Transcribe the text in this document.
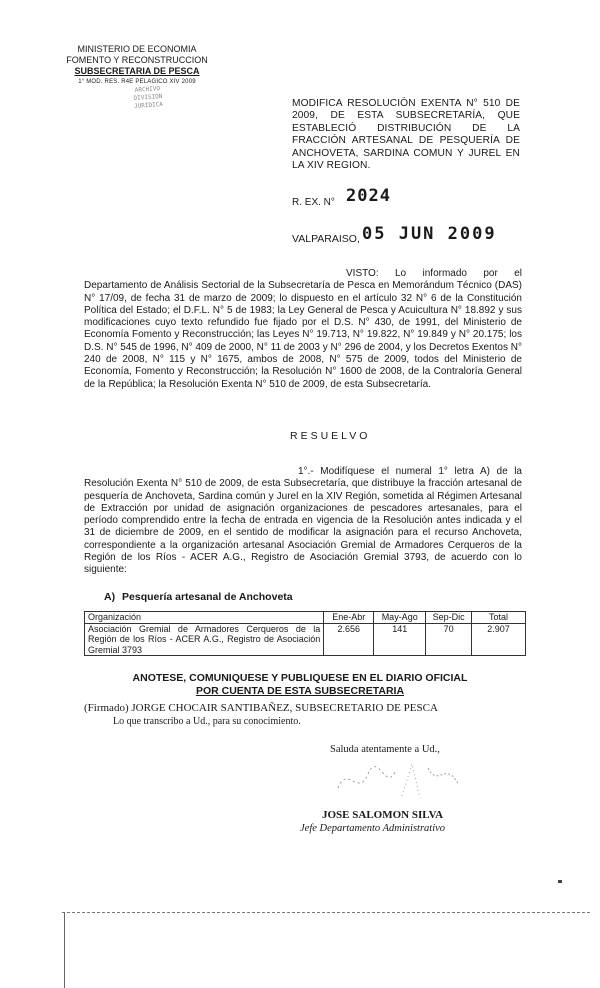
MINISTERIO DE ECONOMIA
FOMENTO Y RECONSTRUCCION
SUBSECRETARIA DE PESCA
1° MOD. RES. R4E PELAGICO XIV 2009
ARCHIVO
DIVISION
JURIDICA	MODIFICA RESOLUCIÓN EXENTA N° 510 DE 2009, DE ESTA SUBSECRETARÍA, QUE ESTABLECIÓ DISTRIBUCIÓN DE LA FRACCIÓN ARTESANAL DE PESQUERÍA DE ANCHOVETA, SARDINA COMUN Y JUREL EN LA XIV REGION.
R. EX. N° 2024
VALPARAISO, 05 JUN 2009
VISTO: Lo informado por el Departamento de Análisis Sectorial de la Subsecretaría de Pesca en Memorándum Técnico (DAS) N° 17/09, de fecha 31 de marzo de 2009; lo dispuesto en el artículo 32 N° 6 de la Constitución Política del Estado; el D.F.L. N° 5 de 1983; la Ley General de Pesca y Acuicultura N° 18.892 y sus modificaciones cuyo texto refundido fue fijado por el D.S. N° 430, de 1991, del Ministerio de Economía Fomento y Reconstrucción; las Leyes N° 19.713, N° 19.822, N° 19.849 y N° 20.175; los D.S. N° 545 de 1996, N° 409 de 2000, N° 11 de 2003 y N° 296 de 2004, y los Decretos Exentos N° 240 de 2008, N° 115 y N° 1675, ambos de 2008, N° 575 de 2009, todos del Ministerio de Economía, Fomento y Reconstrucción; la Resolución N° 1600 de 2008, de la Contraloría General de la República; la Resolución Exenta N° 510 de 2009, de esta Subsecretaría.
RESUELVO
1°.- Modifíquese el numeral 1° letra A) de la Resolución Exenta N° 510 de 2009, de esta Subsecretaría, que distribuye la fracción artesanal de pesquería de Anchoveta, Sardina común y Jurel en la XIV Región, sometida al Régimen Artesanal de Extracción por unidad de asignación organizaciones de pescadores artesanales, para el período comprendido entre la fecha de entrada en vigencia de la Resolución antes indicada y el 31 de diciembre de 2009, en el sentido de modificar la asignación para el recurso Anchoveta, correspondiente a la organización artesanal Asociación Gremial de Armadores Cerqueros de la Región de los Ríos - ACER A.G., Registro de Asociación Gremial 3793, de acuerdo con lo siguiente:
A) Pesquería artesanal de Anchoveta
Organización	Ene-Abr	May-Ago	Sep-Dic	Total
Asociación Gremial de Armadores Cerqueros de la Región de los Ríos - ACER A.G., Registro de Asociación Gremial 3793	2.656	141	70	2.907
ANOTESE, COMUNIQUESE Y PUBLIQUESE EN EL DIARIO OFICIAL
POR CUENTA DE ESTA SUBSECRETARIA
(Firmado) JORGE CHOCAIR SANTIBAÑEZ, SUBSECRETARIO DE PESCA
Lo que transcribo a Ud., para su conocimiento.
Saluda atentamente a Ud.,
JOSE SALOMON SILVA
Jefe Departamento Administrativo
